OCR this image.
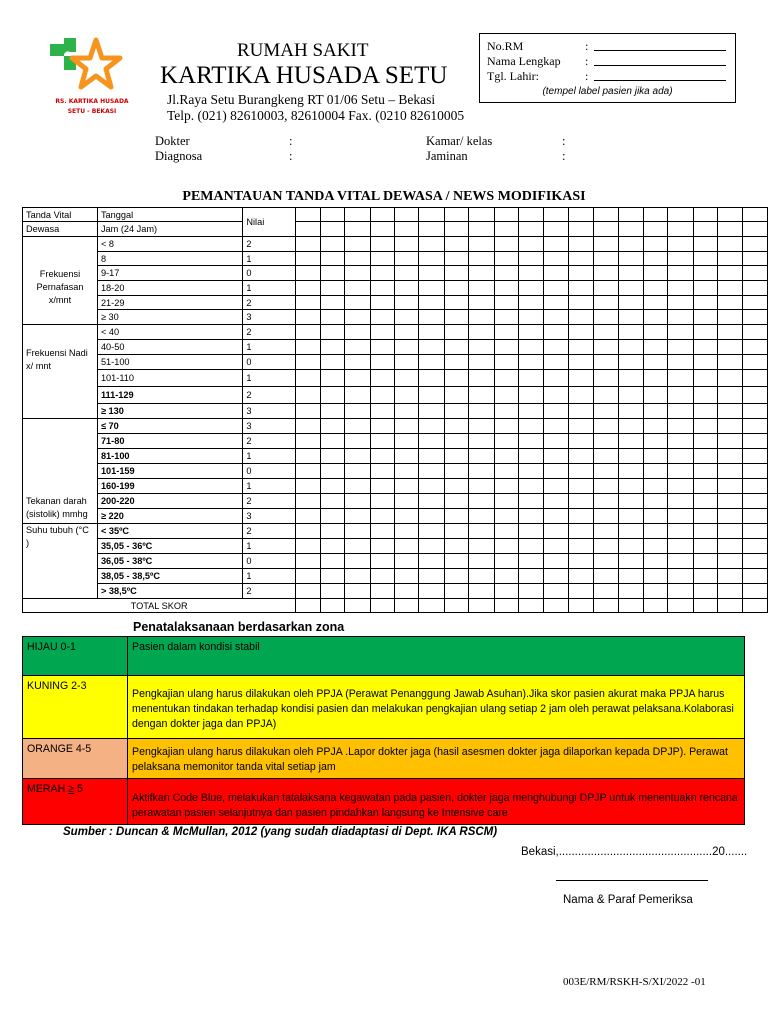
RS. KARTIKA HUSADA
SETU - BEKASI
RUMAH SAKIT
KARTIKA HUSADA SETU
Jl.Raya Setu Burangkeng RT 01/06 Setu – Bekasi
Telp. (021) 82610003, 82610004 Fax. (0210 82610005
No.RM	:
Nama Lengkap :
Tgl. Lahir:	:
(tempel label pasien jika ada)
Dokter	:
Diagnosa	:
Kamar/ kelas	:
Jaminan	:
PEMANTAUAN TANDA VITAL DEWASA / NEWS MODIFIKASI
Tanda Vital	Tanggal	Nilai																			
Dewasa	Jam (24 Jam)																				
Frekuensi Pernafasan x/mnt	< 8	2																			
	8	1																			
	9-17	0																			
	18-20	1																			
	21-29	2																			
	≥ 30	3																			
Frekuensi Nadi x/ mnt	< 40	2																			
	40-50	1																			
	51-100	0																			
	101-110	1																			
	111-129	2																			
	≥ 130	3																			
Tekanan darah (sistolik) mmhg	≤ 70	3																			
	71-80	2																			
	81-100	1																			
	101-159	0																			
	160-199	1																			
	200-220	2																			
	≥ 220	3																			
Suhu tubuh (°C )	< 35ºC	2																			
	35,05 - 36ºC	1																			
	36,05 - 38ºC	0																			
	38,05 - 38,5ºC	1																			
	> 38,5ºC	2																			
TOTAL SKOR																					
Penatalaksanaan berdasarkan zona
HIJAU 0-1	Pasien dalam kondisi stabil
KUNING 2-3	Pengkajian ulang harus dilakukan oleh PPJA (Perawat Penanggung Jawab Asuhan).Jika skor pasien akurat maka PPJA harus menentukan tindakan terhadap kondisi pasien dan melakukan pengkajian ulang setiap 2 jam oleh perawat pelaksana.Kolaborasi dengan dokter jaga dan PPJA)
ORANGE 4-5	Pengkajian ulang harus dilakukan oleh PPJA .Lapor dokter jaga (hasil asesmen dokter jaga dilaporkan kepada DPJP). Perawat pelaksana memonitor tanda vital setiap jam
MERAH ≥ 5	Aktifkan Code Blue, melakukan tatalaksana kegawatan pada pasien, dokter jaga menghubungi DPJP untuk menentuakn rencana perawatan pasien selanjutnya dan pasien pindahkan langsung ke Intensive care
Sumber : Duncan & McMullan, 2012 (yang sudah diadaptasi di Dept. IKA RSCM)
Bekasi,................................................20.......
Nama & Paraf Pemeriksa
003E/RM/RSKH-S/XI/2022 -01
